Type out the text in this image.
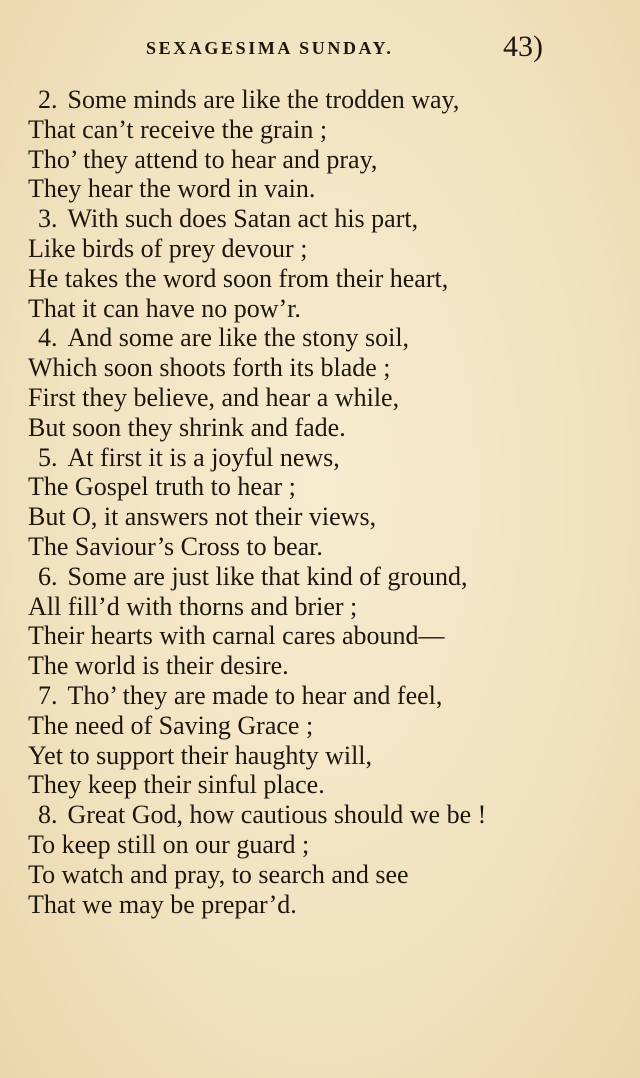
SEXAGESIMA SUNDAY.	43)
2. Some minds are like the trodden way,
That can’t receive the grain ;
Tho’ they attend to hear and pray,
They hear the word in vain.
3. With such does Satan act his part,
Like birds of prey devour ;
He takes the word soon from their heart,
That it can have no pow’r.
4. And some are like the stony soil,
Which soon shoots forth its blade ;
First they believe, and hear a while,
But soon they shrink and fade.
5. At first it is a joyful news,
The Gospel truth to hear ;
But O, it answers not their views,
The Saviour’s Cross to bear.
6. Some are just like that kind of ground,
All fill’d with thorns and brier ;
Their hearts with carnal cares abound—
The world is their desire.
7. Tho’ they are made to hear and feel,
The need of Saving Grace ;
Yet to support their haughty will,
They keep their sinful place.
8. Great God, how cautious should we be !
To keep still on our guard ;
To watch and pray, to search and see
That we may be prepar’d.
